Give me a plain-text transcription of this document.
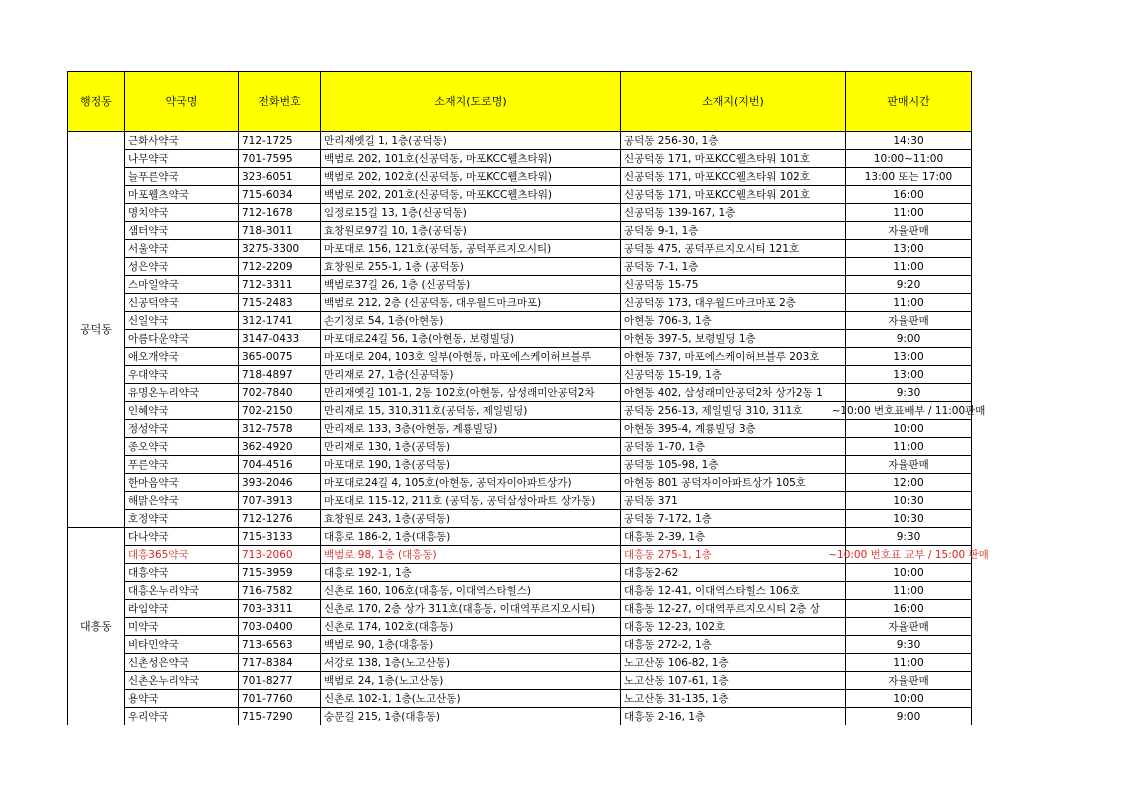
행정동	약국명	전화번호	소재지(도로명)	소재지(지번)	판매시간
공덕동	근화사약국	712-1725	만리재옛길 1, 1층(공덕동)	공덕동 256-30, 1층	14:30
	나무약국	701-7595	백범로 202, 101호(신공덕동, 마포KCC웰츠타워)	신공덕동 171, 마포KCC웰츠타워 101호	10:00~11:00
	늘푸른약국	323-6051	백범로 202, 102호(신공덕동, 마포KCC웰츠타워)	신공덕동 171, 마포KCC웰츠타워 102호	13:00 또는 17:00
	마포웰츠약국	715-6034	백범로 202, 201호(신공덕동, 마포KCC웰츠타워)	신공덕동 171, 마포KCC웰츠타워 201호	16:00
	명치약국	712-1678	임정로15길 13, 1층(신공덕동)	신공덕동 139-167, 1층	11:00
	샘터약국	718-3011	효창원로97길 10, 1층(공덕동)	공덕동 9-1, 1층	자율판매
	서울약국	3275-3300	마포대로 156, 121호(공덕동, 공덕푸르지오시티)	공덕동 475, 공덕푸르지오시티 121호	13:00
	성은약국	712-2209	효창원로 255-1, 1층 (공덕동)	공덕동 7-1, 1층	11:00
	스마일약국	712-3311	백범로37길 26, 1층 (신공덕동)	신공덕동 15-75	9:20
	신공덕약국	715-2483	백범로 212, 2층 (신공덕동, 대우월드마크마포)	신공덕동 173, 대우월드마크마포 2층	11:00
	신일약국	312-1741	손기정로 54, 1층(아현동)	아현동 706-3, 1층	자율판매
	아름다운약국	3147-0433	마포대로24길 56, 1층(아현동, 보령빌딩)	아현동 397-5, 보령빌딩 1층	9:00
	애오개약국	365-0075	마포대로 204, 103호 일부(아현동, 마포에스케이허브블루	아현동 737, 마포에스케이허브블루 203호	13:00
	우대약국	718-4897	만리재로 27, 1층(신공덕동)	신공덕동 15-19, 1층	13:00
	유명온누리약국	702-7840	만리재옛길 101-1, 2동 102호(아현동, 삼성래미안공덕2차	아현동 402, 삼성래미안공덕2차 상가2동 1	9:30
	인혜약국	702-2150	만리재로 15, 310,311호(공덕동, 제일빌딩)	공덕동 256-13, 제일빌딩 310, 311호	~10:00 번호표배부 / 11:00판매
	정성약국	312-7578	만리재로 133, 3층(아현동, 계룡빌딩)	아현동 395-4, 계룡빌딩 3층	10:00
	종오약국	362-4920	만리재로 130, 1층(공덕동)	공덕동 1-70, 1층	11:00
	푸른약국	704-4516	마포대로 190, 1층(공덕동)	공덕동 105-98, 1층	자율판매
	한마음약국	393-2046	마포대로24길 4, 105호(아현동, 공덕자이아파트상가)	아현동 801 공덕자이아파트상가 105호	12:00
	해맑은약국	707-3913	마포대로 115-12, 211호 (공덕동, 공덕삼성아파트 상가동)	공덕동 371	10:30
	호정약국	712-1276	효창원로 243, 1층(공덕동)	공덕동 7-172, 1층	10:30
대흥동	다나약국	715-3133	대흥로 186-2, 1층(대흥동)	대흥동 2-39, 1층	9:30
	대흥365약국	713-2060	백범로 98, 1층 (대흥동)	대흥동 275-1, 1층	~10:00 번호표 교부 / 15:00 판매
	대흥약국	715-3959	대흥로 192-1, 1층	대흥동2-62	10:00
	대흥온누리약국	716-7582	신촌로 160, 106호(대흥동, 이대역스타힐스)	대흥동 12-41, 이대역스타힐스 106호	11:00
	라임약국	703-3311	신촌로 170, 2층 상가 311호(대흥동, 이대역푸르지오시티)	대흥동 12-27, 이대역푸르지오시티 2층 상	16:00
	미약국	703-0400	신촌로 174, 102호(대흥동)	대흥동 12-23, 102호	자율판매
	비타민약국	713-6563	백범로 90, 1층(대흥동)	대흥동 272-2, 1층	9:30
	신촌성은약국	717-8384	서강로 138, 1층(노고산동)	노고산동 106-82, 1층	11:00
	신촌온누리약국	701-8277	백범로 24, 1층(노고산동)	노고산동 107-61, 1층	자율판매
	용약국	701-7760	신촌로 102-1, 1층(노고산동)	노고산동 31-135, 1층	10:00
	우리약국	715-7290	숭문길 215, 1층(대흥동)	대흥동 2-16, 1층	9:00
